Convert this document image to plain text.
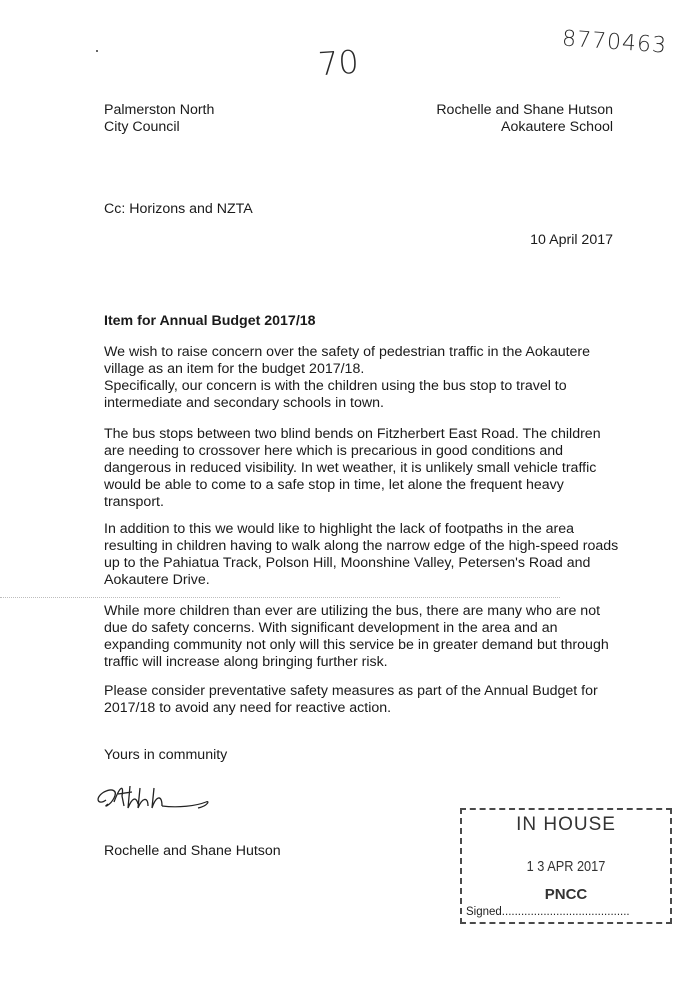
8770463
70
Palmerston North
City Council
Rochelle and Shane Hutson
Aokautere School
Cc: Horizons and NZTA
10 April 2017
Item for Annual Budget 2017/18
We wish to raise concern over the safety of pedestrian traffic in the Aokautere village as an item for the budget 2017/18.
Specifically, our concern is with the children using the bus stop to travel to intermediate and secondary schools in town.
The bus stops between two blind bends on Fitzherbert East Road. The children are needing to crossover here which is precarious in good conditions and dangerous in reduced visibility. In wet weather, it is unlikely small vehicle traffic would be able to come to a safe stop in time, let alone the frequent heavy transport.
In addition to this we would like to highlight the lack of footpaths in the area resulting in children having to walk along the narrow edge of the high-speed roads up to the Pahiatua Track, Polson Hill, Moonshine Valley, Petersen's Road and Aokautere Drive.
While more children than ever are utilizing the bus, there are many who are not due do safety concerns. With significant development in the area and an expanding community not only will this service be in greater demand but through traffic will increase along bringing further risk.
Please consider preventative safety measures as part of the Annual Budget for 2017/18 to avoid any need for reactive action.
Yours in community
Rochelle and Shane Hutson
IN HOUSE
1 3 APR 2017
PNCC
Signed........................................
